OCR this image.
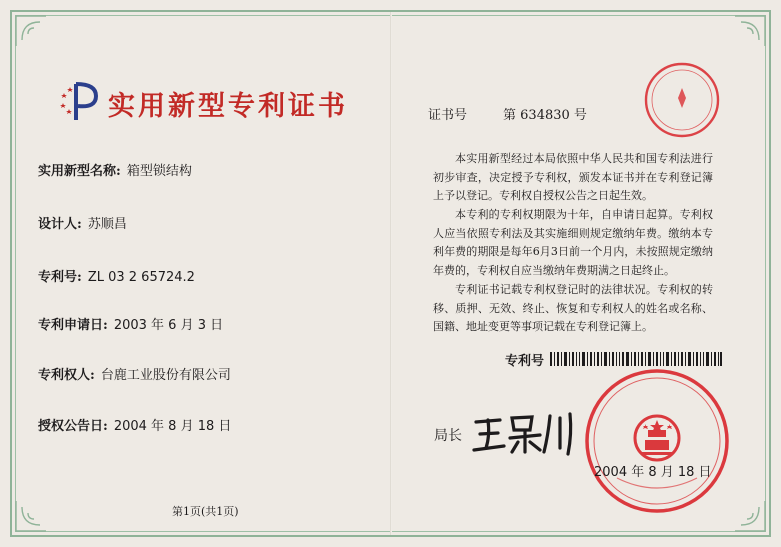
实用新型专利证书
实用新型名称: 箱型锁结构
设计人: 苏顺昌
专利号: ZL 03 2 65724.2
专利申请日: 2003 年 6 月 3 日
专利权人: 台鹿工业股份有限公司
授权公告日: 2004 年 8 月 18 日
第1页(共1页)
证书号	第 634830 号

本实用新型经过本局依照中华人民共和国专利法进行初步审查，决定授予专利权，颁发本证书并在专利登记簿上予以登记。专利权自授权公告之日起生效。

本专利的专利权期限为十年，自申请日起算。专利权人应当依照专利法及其实施细则规定缴纳年费。缴纳本专利年费的期限是每年6月3日前一个月内，未按照规定缴纳年费的，专利权自应当缴纳年费期满之日起终止。

专利证书记载专利权登记时的法律状况。专利权的转移、质押、无效、终止、恢复和专利权人的姓名或名称、国籍、地址变更等事项记载在专利登记簿上。

专利号
局长
2004 年 8 月 18 日
